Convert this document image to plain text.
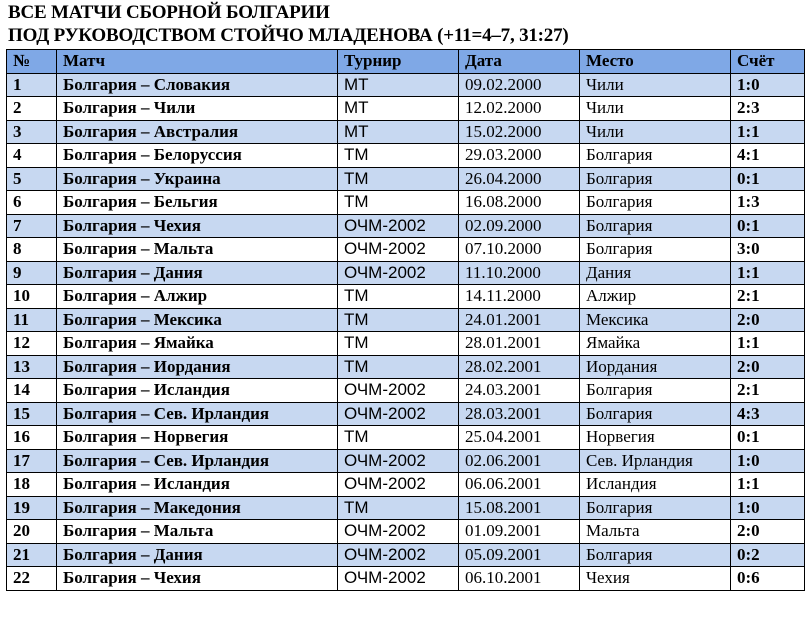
ВСЕ МАТЧИ СБОРНОЙ БОЛГАРИИ
ПОД РУКОВОДСТВОМ СТОЙЧО МЛАДЕНОВА (+11=4–7, 31:27)
№	Матч	Турнир	Дата	Место	Счёт
1	Болгария – Словакия	МТ	09.02.2000	Чили	1:0
2	Болгария – Чили	МТ	12.02.2000	Чили	2:3
3	Болгария – Австралия	МТ	15.02.2000	Чили	1:1
4	Болгария – Белоруссия	ТМ	29.03.2000	Болгария	4:1
5	Болгария – Украина	ТМ	26.04.2000	Болгария	0:1
6	Болгария – Бельгия	ТМ	16.08.2000	Болгария	1:3
7	Болгария – Чехия	ОЧМ-2002	02.09.2000	Болгария	0:1
8	Болгария – Мальта	ОЧМ-2002	07.10.2000	Болгария	3:0
9	Болгария – Дания	ОЧМ-2002	11.10.2000	Дания	1:1
10	Болгария – Алжир	ТМ	14.11.2000	Алжир	2:1
11	Болгария – Мексика	ТМ	24.01.2001	Мексика	2:0
12	Болгария – Ямайка	ТМ	28.01.2001	Ямайка	1:1
13	Болгария – Иордания	ТМ	28.02.2001	Иордания	2:0
14	Болгария – Исландия	ОЧМ-2002	24.03.2001	Болгария	2:1
15	Болгария – Сев. Ирландия	ОЧМ-2002	28.03.2001	Болгария	4:3
16	Болгария – Норвегия	ТМ	25.04.2001	Норвегия	0:1
17	Болгария – Сев. Ирландия	ОЧМ-2002	02.06.2001	Сев. Ирландия	1:0
18	Болгария – Исландия	ОЧМ-2002	06.06.2001	Исландия	1:1
19	Болгария – Македония	ТМ	15.08.2001	Болгария	1:0
20	Болгария – Мальта	ОЧМ-2002	01.09.2001	Мальта	2:0
21	Болгария – Дания	ОЧМ-2002	05.09.2001	Болгария	0:2
22	Болгария – Чехия	ОЧМ-2002	06.10.2001	Чехия	0:6
